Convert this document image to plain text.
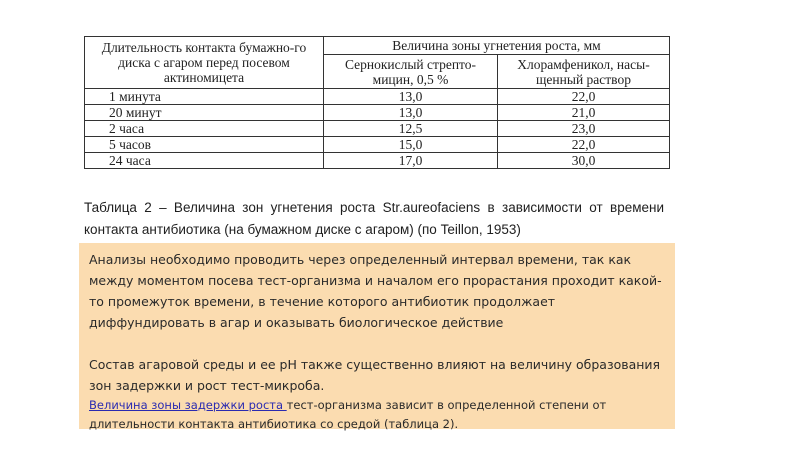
Длительность контакта бумажно-го диска с агаром перед посевом актиномицета	Величина зоны угнетения роста, мм	
	Сернокислый стрепто-мицин, 0,5 %	Хлорамфеникол, насы-щенный раствор
1 минута	13,0	22,0
20 минут	13,0	21,0
2 часа	12,5	23,0
5 часов	15,0	22,0
24 часа	17,0	30,0
Таблица 2 – Величина зон угнетения роста Str.aureofaciens в зависимости от времени контакта антибиотика (на бумажном диске с агаром) (по Teillon, 1953)

Анализы необходимо проводить через определенный интервал времени, так как между моментом посева тест-организма и началом его прорастания проходит какой-то промежуток времени, в течение которого антибиотик продолжает диффундировать в агар и оказывать биологическое действие

Состав агаровой среды и ее рН также существенно влияют на величину образования зон задержки и рост тест-микроба.

Величина зоны задержки роста тест-организма зависит в определенной степени от длительности контакта антибиотика со средой (таблица 2).
